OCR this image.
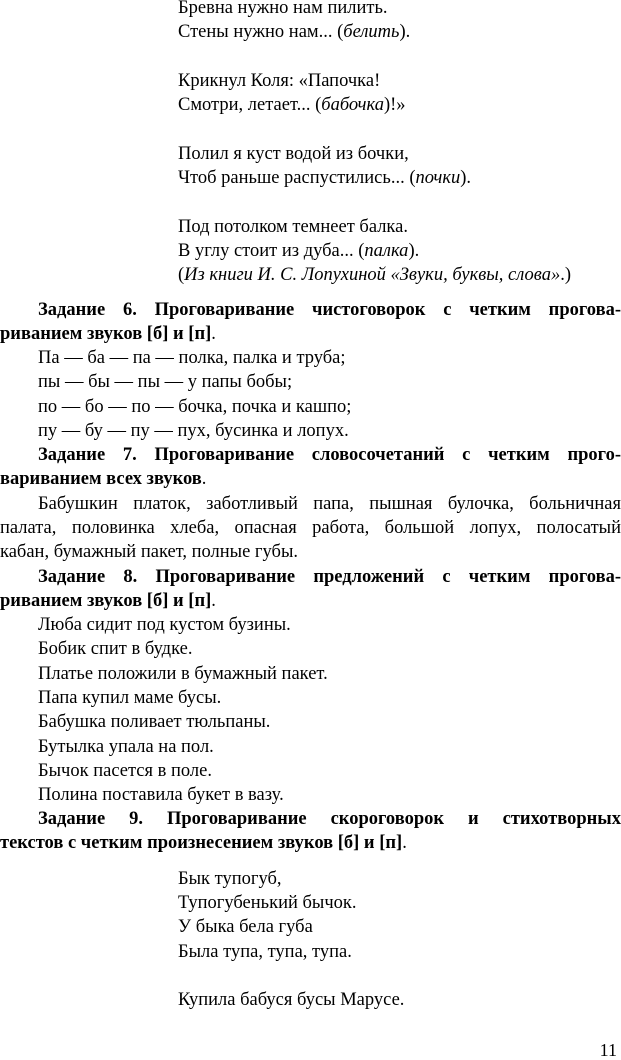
Бревна нужно нам пилить.
Стены нужно нам... (белить).
Крикнул Коля: «Папочка!
Смотри, летает... (бабочка)!»
Полил я куст водой из бочки,
Чтоб раньше распустились... (почки).
Под потолком темнеет балка.
В углу стоит из дуба... (палка).
(Из книги И. С. Лопухиной «Звуки, буквы, слова».)
Задание 6. Проговаривание чистоговорок с четким прогова-
риванием звуков [б] и [п].
Па — ба — па — полка, палка и труба;
пы — бы — пы — у папы бобы;
по — бо — по — бочка, почка и кашпо;
пу — бу — пу — пух, бусинка и лопух.
Задание 7. Проговаривание словосочетаний с четким прого-
вариванием всех звуков.
Бабушкин платок, заботливый папа, пышная булочка, больничная
палата, половинка хлеба, опасная работа, большой лопух, полосатый
кабан, бумажный пакет, полные губы.
Задание 8. Проговаривание предложений с четким прогова-
риванием звуков [б] и [п].
Люба сидит под кустом бузины.
Бобик спит в будке.
Платье положили в бумажный пакет.
Папа купил маме бусы.
Бабушка поливает тюльпаны.
Бутылка упала на пол.
Бычок пасется в поле.
Полина поставила букет в вазу.
Задание 9. Проговаривание скороговорок и стихотворных
текстов с четким произнесением звуков [б] и [п].
Бык тупогуб,
Тупогубенький бычок.
У быка бела губа
Была тупа, тупа, тупа.
Купила бабуся бусы Марусе.
11
